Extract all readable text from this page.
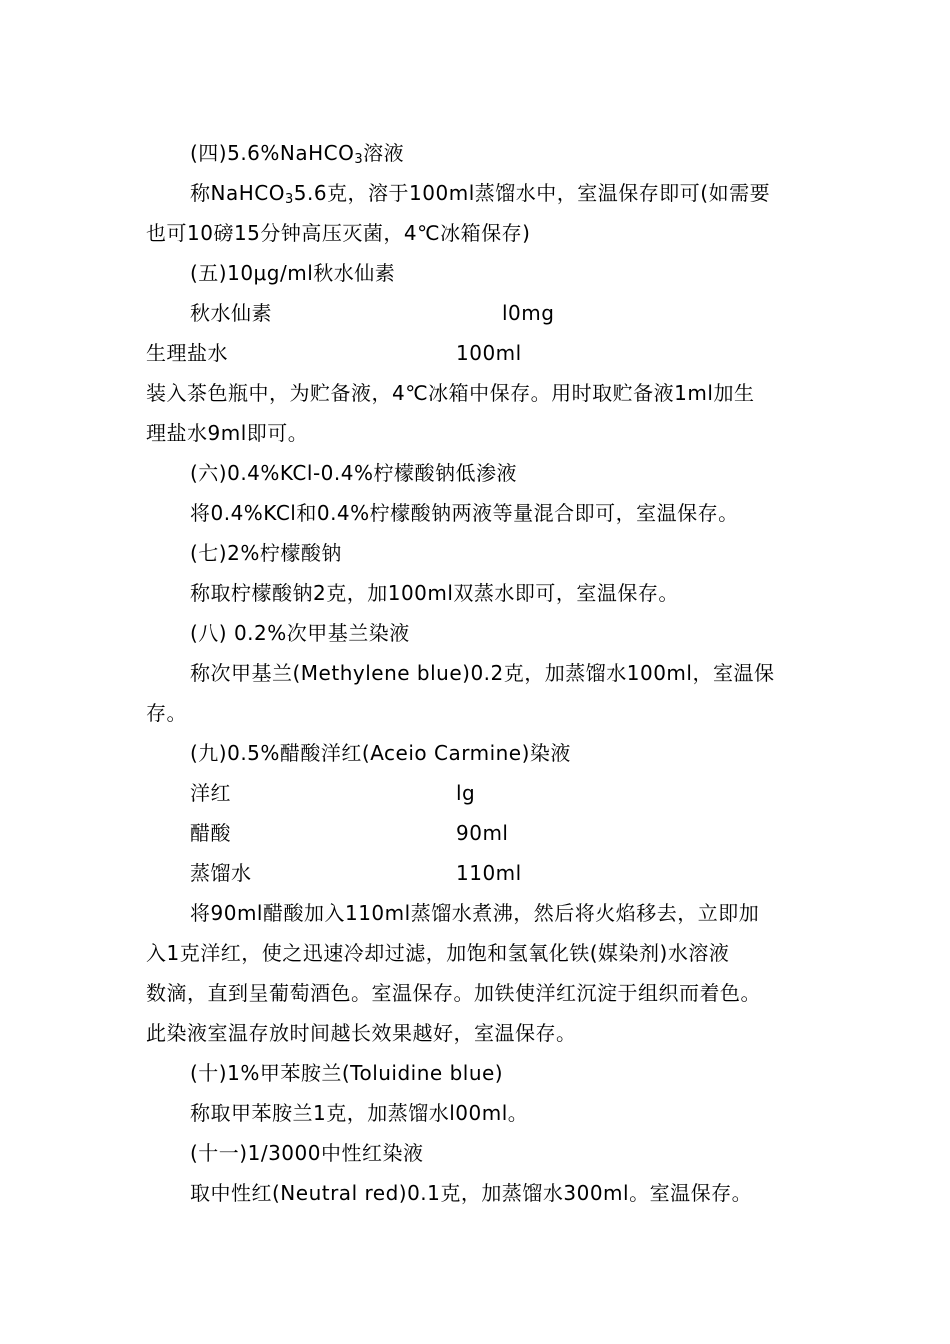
(四)5.6%NaHCO$_3$溶液
称NaHCO$_3$5.6克，溶于100ml蒸馏水中，室温保存即可(如需要
也可10磅15分钟高压灭菌，4℃冰箱保存)
(五)10μg/ml秋水仙素
秋水仙素	l0mg
生理盐水	100ml
装入茶色瓶中，为贮备液，4℃冰箱中保存。用时取贮备液1ml加生
理盐水9ml即可。
(六)0.4%KCl-0.4%柠檬酸钠低渗液
将0.4%KCl和0.4%柠檬酸钠两液等量混合即可，室温保存。
(七)2%柠檬酸钠
称取柠檬酸钠2克，加100ml双蒸水即可，室温保存。
(八) 0.2%次甲基兰染液
称次甲基兰(Methylene blue)0.2克，加蒸馏水100ml，室温保
存。
(九)0.5%醋酸洋红(Aceio Carmine)染液
洋红	lg
醋酸	90ml
蒸馏水	110ml
将90ml醋酸加入110ml蒸馏水煮沸，然后将火焰移去，立即加
入1克洋红，使之迅速冷却过滤，加饱和氢氧化铁(媒染剂)水溶液
数滴，直到呈葡萄酒色。室温保存。加铁使洋红沉淀于组织而着色。
此染液室温存放时间越长效果越好，室温保存。
(十)1%甲苯胺兰(Toluidine blue)
称取甲苯胺兰1克，加蒸馏水l00ml。
(十一)1/3000中性红染液
取中性红(Neutral red)0.1克，加蒸馏水300ml。室温保存。
